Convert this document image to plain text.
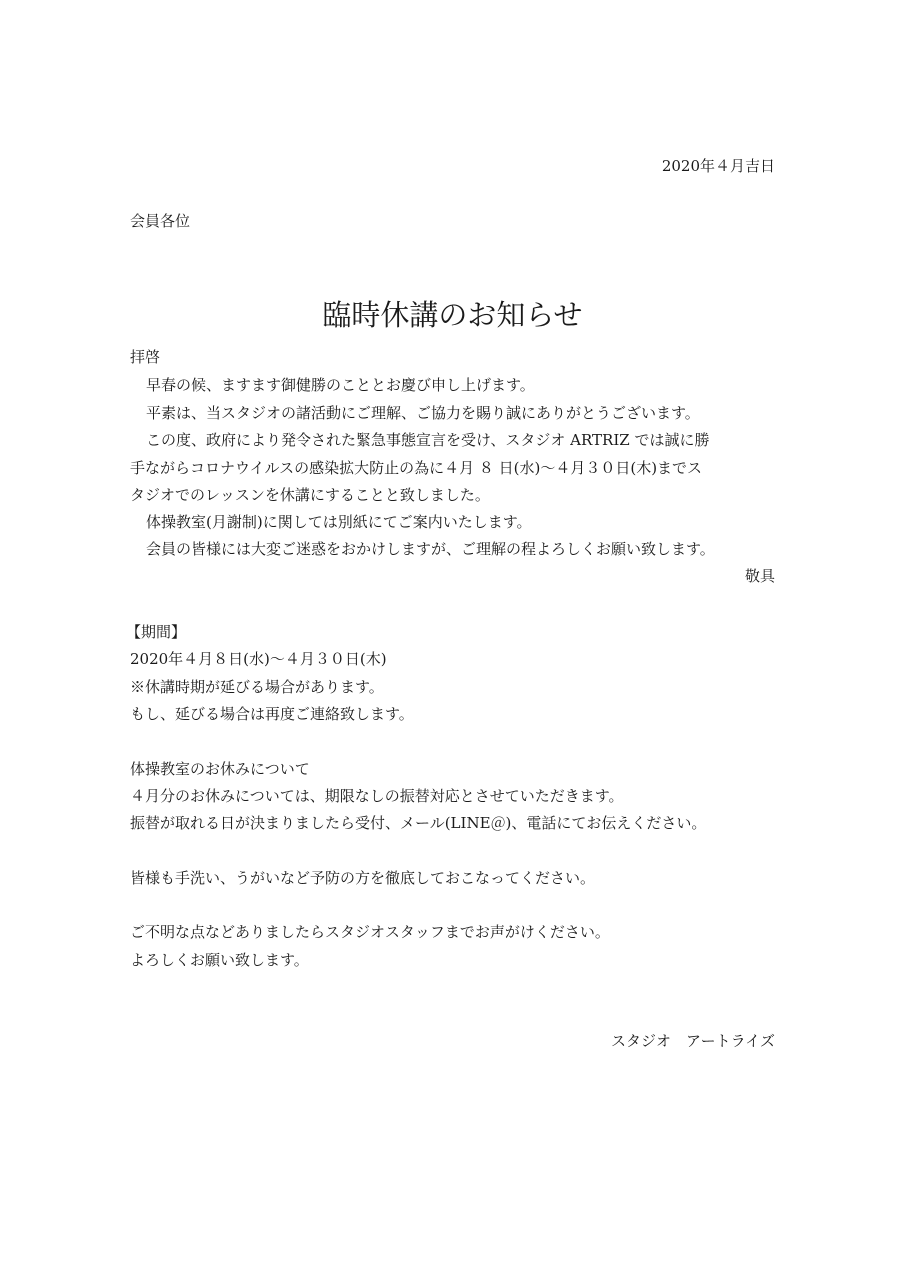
2020年４月吉日
会員各位
臨時休講のお知らせ
拝啓
早春の候、ますます御健勝のこととお慶び申し上げます。
平素は、当スタジオの諸活動にご理解、ご協力を賜り誠にありがとうございます。
この度、政府により発令された緊急事態宣言を受け、スタジオ ARTRIZ では誠に勝
手ながらコロナウイルスの感染拡大防止の為に４月 ８ 日(水)～４月３０日(木)までス
タジオでのレッスンを休講にすることと致しました。
体操教室(月謝制)に関しては別紙にてご案内いたします。
会員の皆様には大変ご迷惑をおかけしますが、ご理解の程よろしくお願い致します。
敬具
【期間】
2020年４月８日(水)～４月３０日(木)
※休講時期が延びる場合があります。
もし、延びる場合は再度ご連絡致します。
体操教室のお休みについて
４月分のお休みについては、期限なしの振替対応とさせていただきます。
振替が取れる日が決まりましたら受付、メール(LINE＠)、電話にてお伝えください。
皆様も手洗い、うがいなど予防の方を徹底しておこなってください。
ご不明な点などありましたらスタジオスタッフまでお声がけください。
よろしくお願い致します。
スタジオ　アートライズ
